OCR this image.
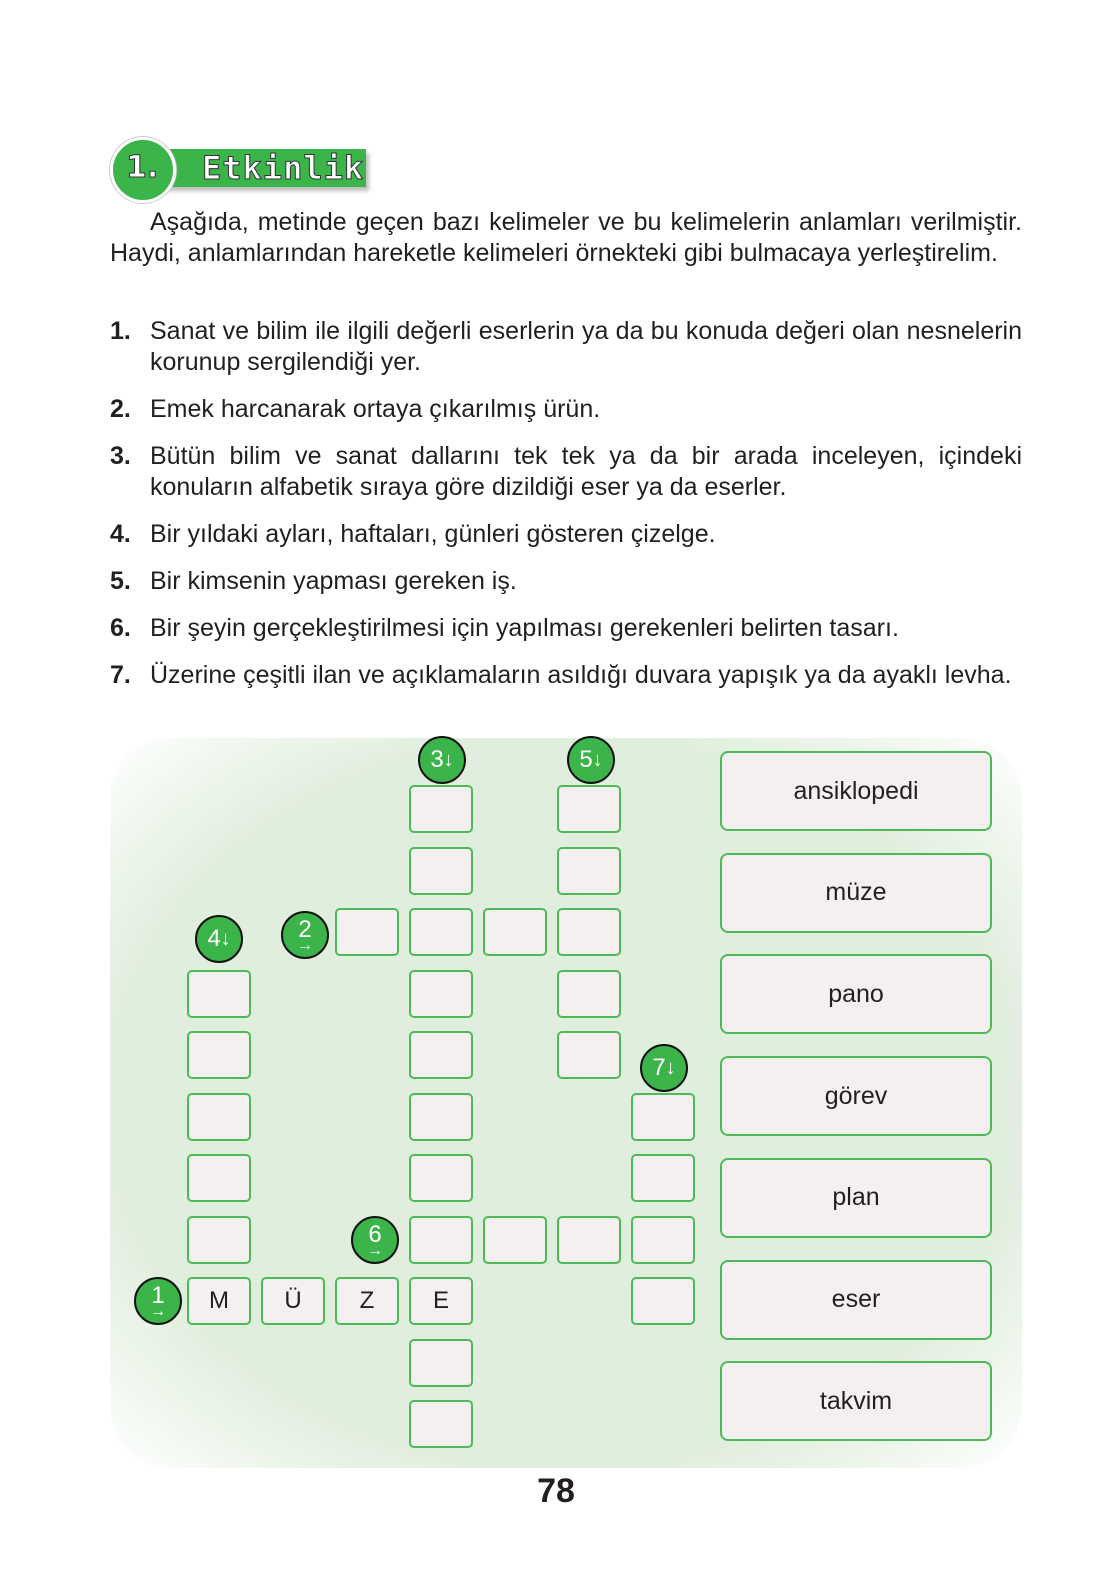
1. Etkinlik

Aşağıda, metinde geçen bazı kelimeler ve bu kelimelerin anlamları verilmiştir. Haydi, anlamlarından hareketle kelimeleri örnekteki gibi bulmacaya yerleştirelim.

1. Sanat ve bilim ile ilgili değerli eserlerin ya da bu konuda değeri olan nesnelerin korunup sergilendiği yer.
2. Emek harcanarak ortaya çıkarılmış ürün.
3. Bütün bilim ve sanat dallarını tek tek ya da bir arada inceleyen, içindeki konuların alfabetik sıraya göre dizildiği eser ya da eserler.
4. Bir yıldaki ayları, haftaları, günleri gösteren çizelge.
5. Bir kimsenin yapması gereken iş.
6. Bir şeyin gerçekleştirilmesi için yapılması gerekenleri belirten tasarı.
7. Üzerine çeşitli ilan ve açıklamaların asıldığı duvara yapışık ya da ayaklı levha.
E
M	Ü	Z
3 ↓	5 ↓
4 ↓	2
→
7 ↓
6
→
1
→
ansiklopedi
müze
pano
görev
plan
eser
takvim
78
